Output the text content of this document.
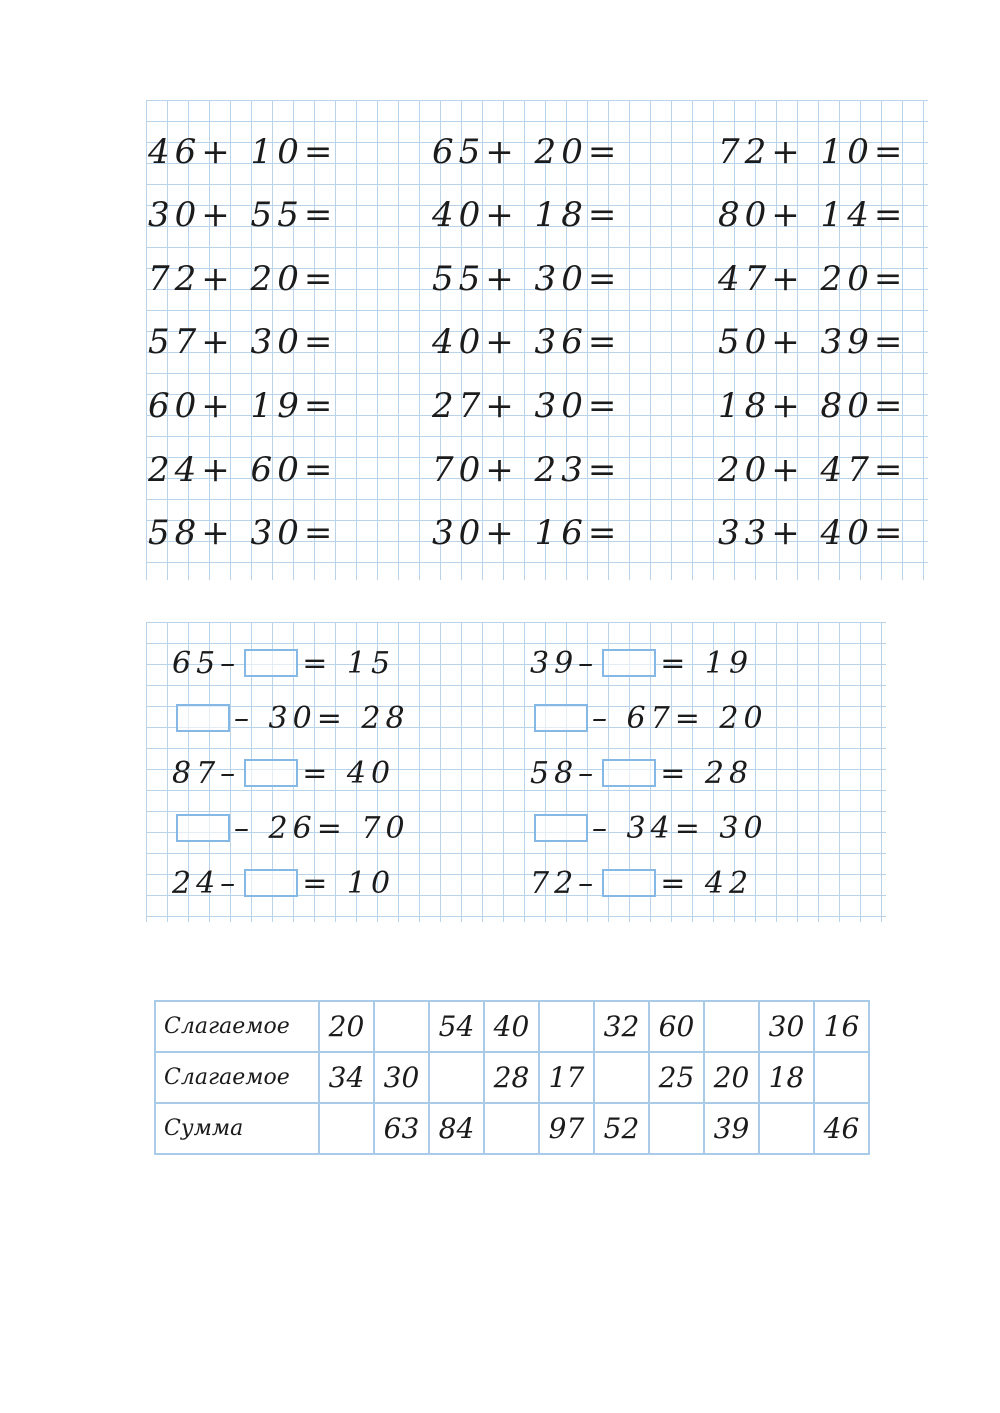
46+ 10=
30+ 55=
72+ 20=
57+ 30=
60+ 19=
24+ 60=
58+ 30=
65+ 20=
40+ 18=
55+ 30=
40+ 36=
27+ 30=
70+ 23=
30+ 16=
72+ 10=
80+ 14=
47+ 20=
50+ 39=
18+ 80=
20+ 47=
33+ 40=
65– = 15
– 30= 28
87– = 40
– 26= 70
24– = 10
39– = 19
– 67= 20
58– = 28
– 34= 30
72– = 42
Слагаемое	20		54	40		32	60		30	16
Слагаемое	34	30		28	17		25	20	18	
Сумма		63	84		97	52		39		46
